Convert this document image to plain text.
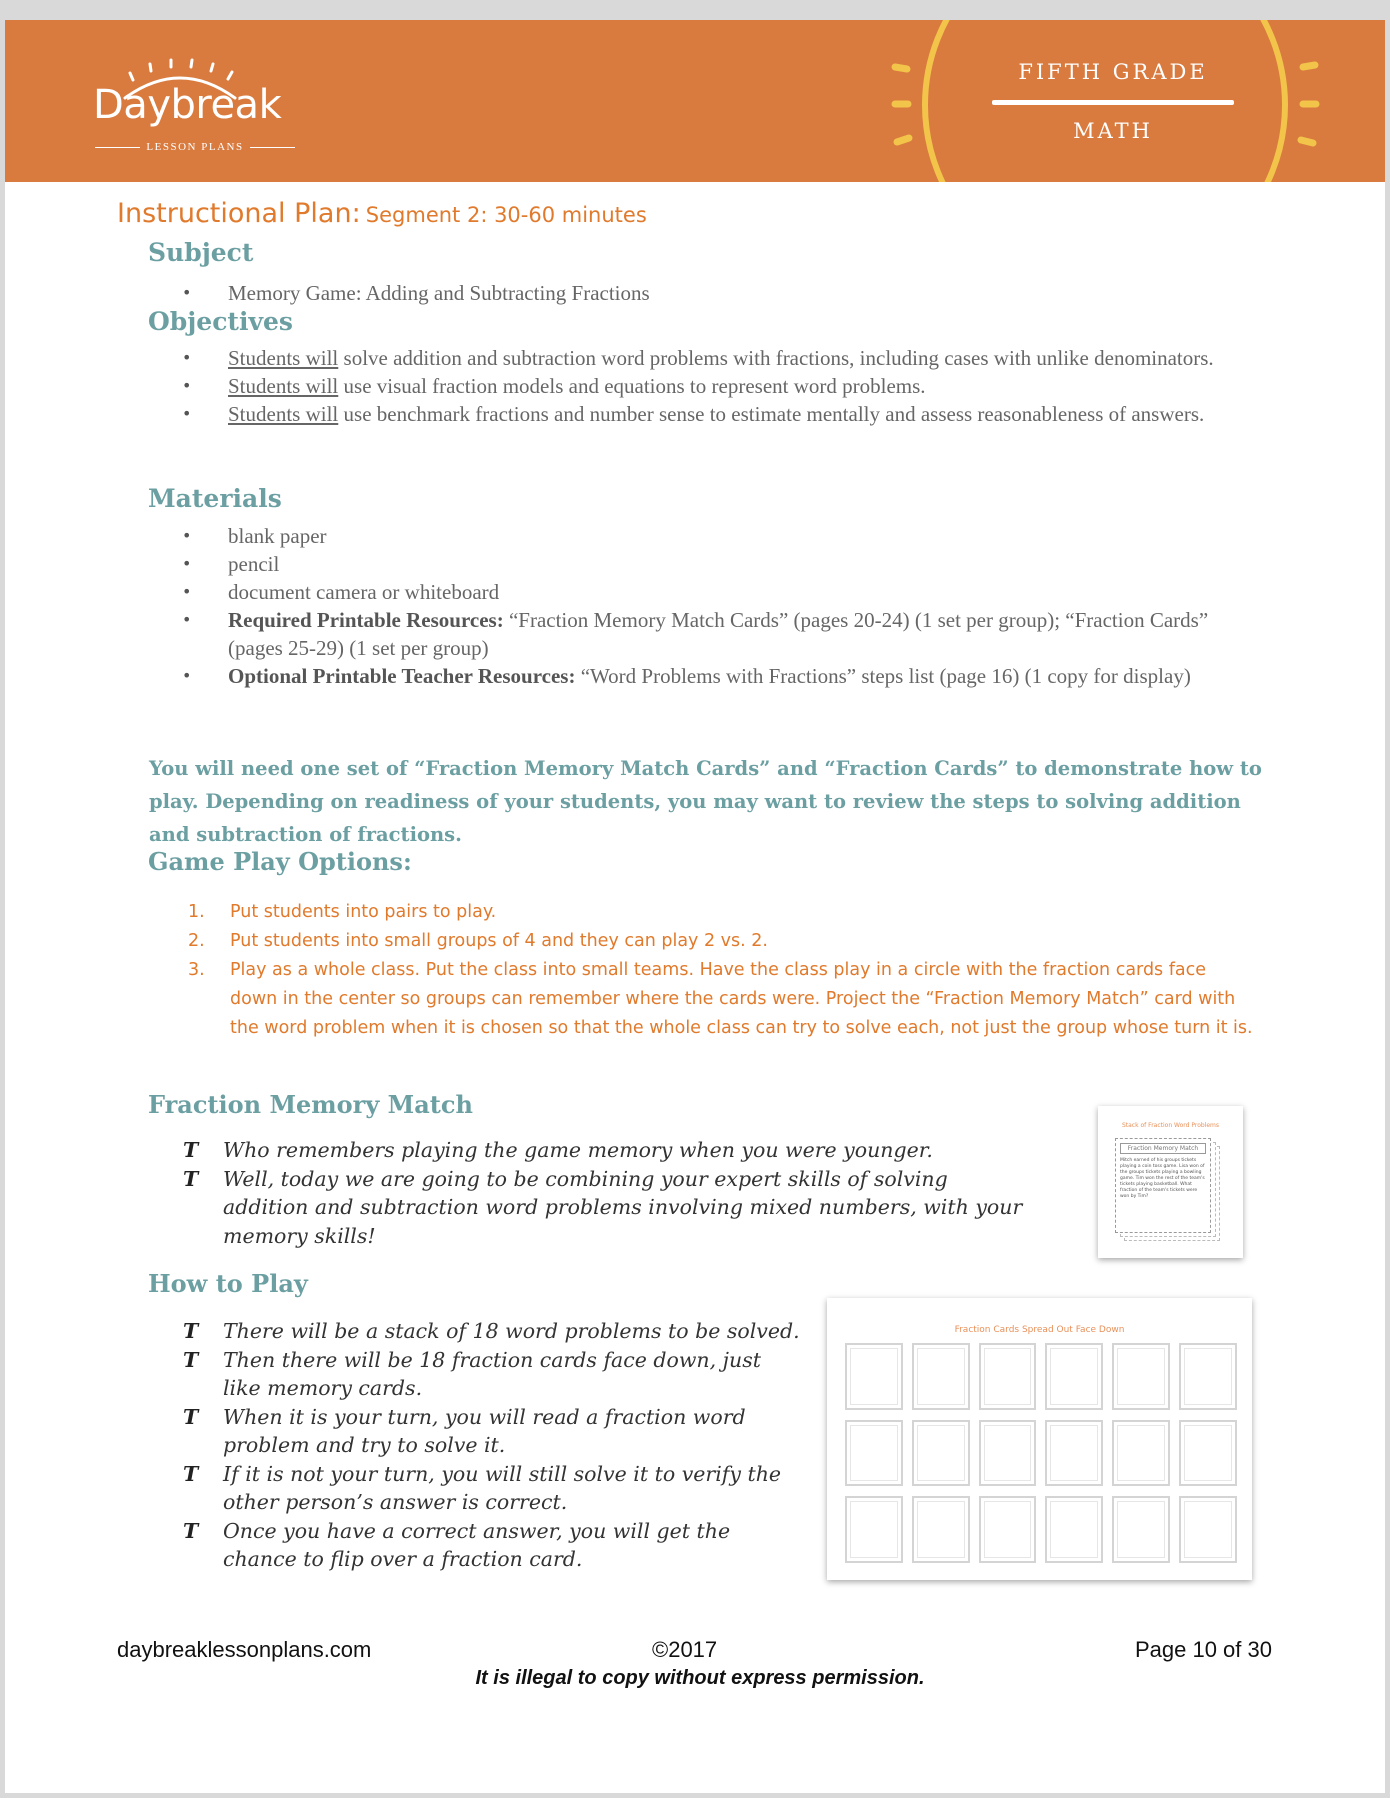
Daybreak
LESSON PLANS
FIFTH GRADE
MATH
Instructional Plan: Segment 2: 30-60 minutes
Subject
• Memory Game: Adding and Subtracting Fractions
Objectives
• Students will solve addition and subtraction word problems with fractions, including cases with unlike denominators.
• Students will use visual fraction models and equations to represent word problems.
• Students will use benchmark fractions and number sense to estimate mentally and assess reasonableness of answers.
Materials
• blank paper
• pencil
• document camera or whiteboard
• Required Printable Resources: “Fraction Memory Match Cards” (pages 20-24) (1 set per group); “Fraction Cards” (pages 25-29) (1 set per group)
• Optional Printable Teacher Resources: “Word Problems with Fractions” steps list (page 16) (1 copy for display)
You will need one set of “Fraction Memory Match Cards” and “Fraction Cards” to demonstrate how to play. Depending on readiness of your students, you may want to review the steps to solving addition and subtraction of fractions.
Game Play Options:
1. Put students into pairs to play.
2. Put students into small groups of 4 and they can play 2 vs. 2.
3. Play as a whole class. Put the class into small teams. Have the class play in a circle with the fraction cards face down in the center so groups can remember where the cards were. Project the “Fraction Memory Match” card with the word problem when it is chosen so that the whole class can try to solve each, not just the group whose turn it is.
Fraction Memory Match
T Who remembers playing the game memory when you were younger.
T Well, today we are going to be combining your expert skills of solving addition and subtraction word problems involving mixed numbers, with your memory skills!
How to Play
T There will be a stack of 18 word problems to be solved.
T Then there will be 18 fraction cards face down, just like memory cards.
T When it is your turn, you will read a fraction word problem and try to solve it.
T If it is not your turn, you will still solve it to verify the other person’s answer is correct.
T Once you have a correct answer, you will get the chance to flip over a fraction card.
Stack of Fraction Word Problems
Fraction Memory Match
Mitch earned of his groups tickets playing a coin toss game. Lisa won of the groups tickets playing a bowling game. Tim won the rest of the team's tickets playing basketball. What fraction of the team's tickets were won by Tim?
Fraction Cards Spread Out Face Down
daybreaklessonplans.com	©2017	Page 10 of 30
It is illegal to copy without express permission.
